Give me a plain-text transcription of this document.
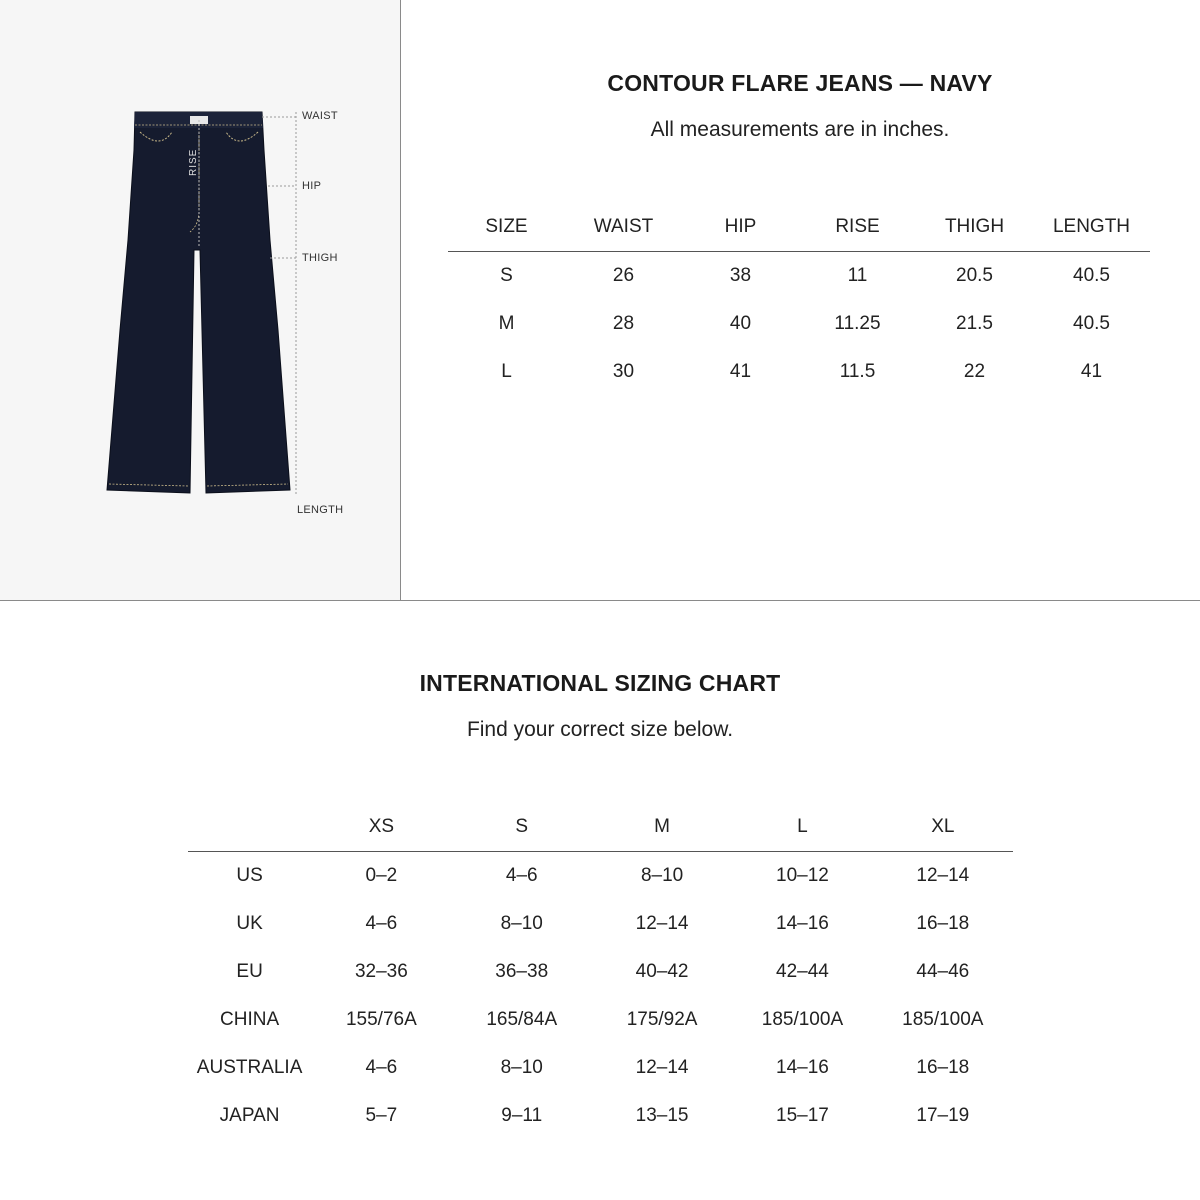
WAIST
HIP
THIGH
LENGTH
RISE
CONTOUR FLARE JEANS — NAVY
All measurements are in inches.
SIZE	WAIST	HIP	RISE	THIGH	LENGTH
S	26	38	11	20.5	40.5
M	28	40	11.25	21.5	40.5
L	30	41	11.5	22	41
INTERNATIONAL SIZING CHART
Find your correct size below.
	XS	S	M	L	XL
US	0–2	4–6	8–10	10–12	12–14
UK	4–6	8–10	12–14	14–16	16–18
EU	32–36	36–38	40–42	42–44	44–46
CHINA	155/76A	165/84A	175/92A	185/100A	185/100A
AUSTRALIA	4–6	8–10	12–14	14–16	16–18
JAPAN	5–7	9–11	13–15	15–17	17–19
